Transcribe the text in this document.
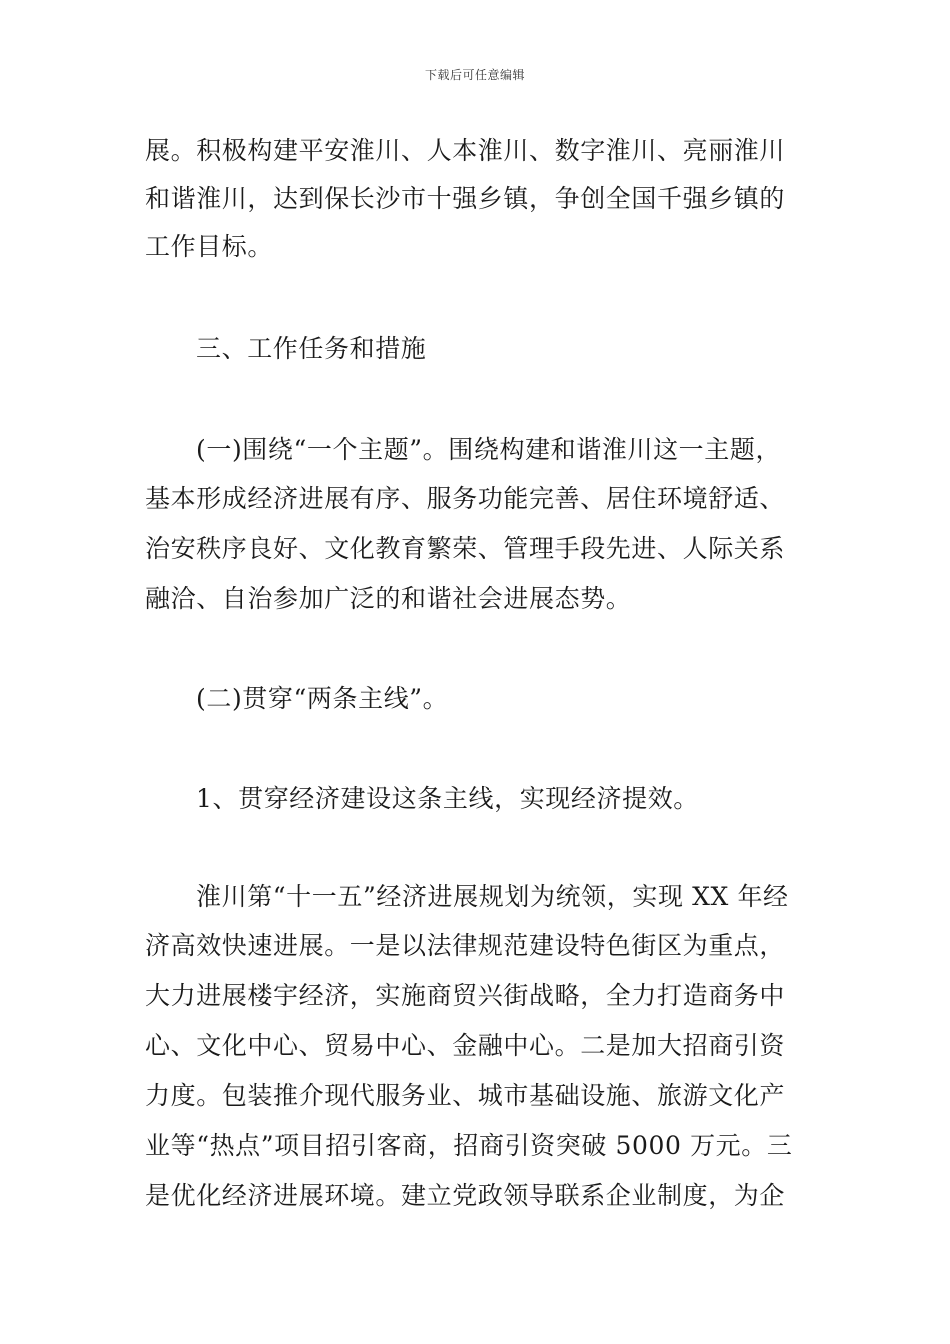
下载后可任意编辑
展。积极构建平安淮川、人本淮川、数字淮川、亮丽淮川
和谐淮川，达到保长沙市十强乡镇，争创全国千强乡镇的
工作目标。
三、工作任务和措施
(一)围绕“一个主题”。围绕构建和谐淮川这一主题，
基本形成经济进展有序、服务功能完善、居住环境舒适、
治安秩序良好、文化教育繁荣、管理手段先进、人际关系
融洽、自治参加广泛的和谐社会进展态势。
(二)贯穿“两条主线”。
1、贯穿经济建设这条主线，实现经济提效。
淮川第“十一五”经济进展规划为统领，实现 XX 年经
济高效快速进展。一是以法律规范建设特色街区为重点，
大力进展楼宇经济，实施商贸兴街战略，全力打造商务中
心、文化中心、贸易中心、金融中心。二是加大招商引资
力度。包装推介现代服务业、城市基础设施、旅游文化产
业等“热点”项目招引客商，招商引资突破 5000 万元。三
是优化经济进展环境。建立党政领导联系企业制度，为企
